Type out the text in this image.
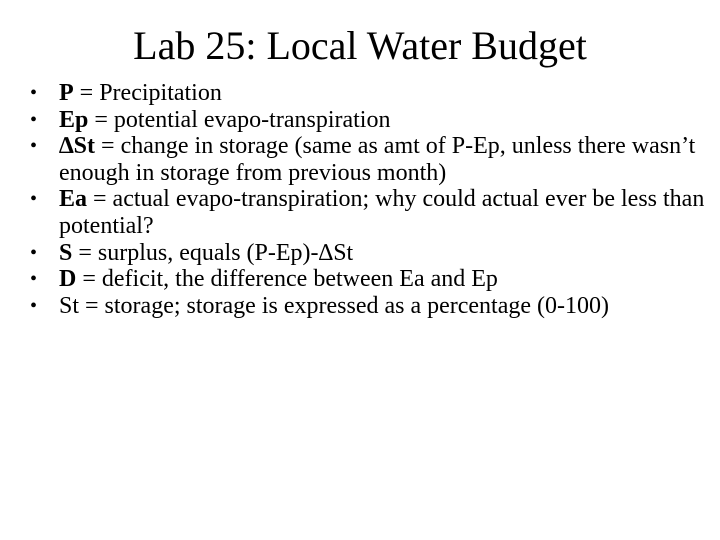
Lab 25: Local Water Budget
• P = Precipitation
• Ep = potential evapo-transpiration
• ∆St = change in storage (same as amt of P-Ep, unless there wasn’t enough in storage from previous month)
• Ea = actual evapo-transpiration; why could actual ever be less than potential?
• S = surplus, equals (P-Ep)-∆St
• D = deficit, the difference between Ea and Ep
• St = storage; storage is expressed as a percentage (0-100)
